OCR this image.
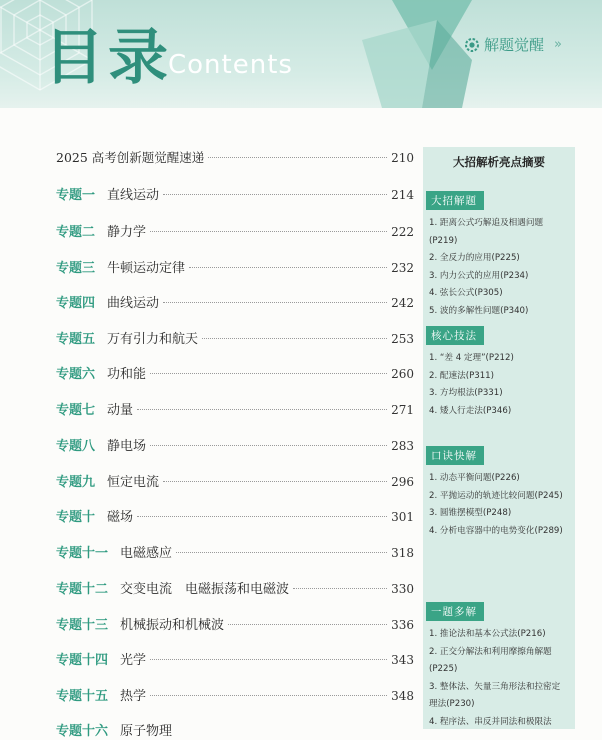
目录
Contents
解题觉醒 »
2025 高考创新题觉醒速递	210
专题一 直线运动	214
专题二 静力学	222
专题三 牛顿运动定律	232
专题四 曲线运动	242
专题五 万有引力和航天	253
专题六 功和能	260
专题七 动量	271
专题八 静电场	283
专题九 恒定电流	296
专题十 磁场	301
专题十一 电磁感应	318
专题十二 交变电流　电磁振荡和电磁波	330
专题十三 机械振动和机械波	336
专题十四 光学	343
专题十五 热学	348
专题十六 原子物理
大招解析亮点摘要
大招解题
1. 距离公式巧解追及相遇问题(P219)
2. 全反力的应用(P225)
3. 内力公式的应用(P234)
4. 弦长公式(P305)
5. 波的多解性问题(P340)
核心技法
1. “差 4 定理”(P212)
2. 配速法(P311)
3. 方均根法(P331)
4. 矮人行走法(P346)
口诀快解
1. 动态平衡问题(P226)
2. 平抛运动的轨迹比较问题(P245)
3. 圆锥摆模型(P248)
4. 分析电容器中的电势变化(P289)
一题多解
1. 推论法和基本公式法(P216)
2. 正交分解法和利用摩擦角解题
(P225)
3. 整体法、矢量三角形法和拉密定
理法(P230)
4. 程序法、串反并同法和极限法
